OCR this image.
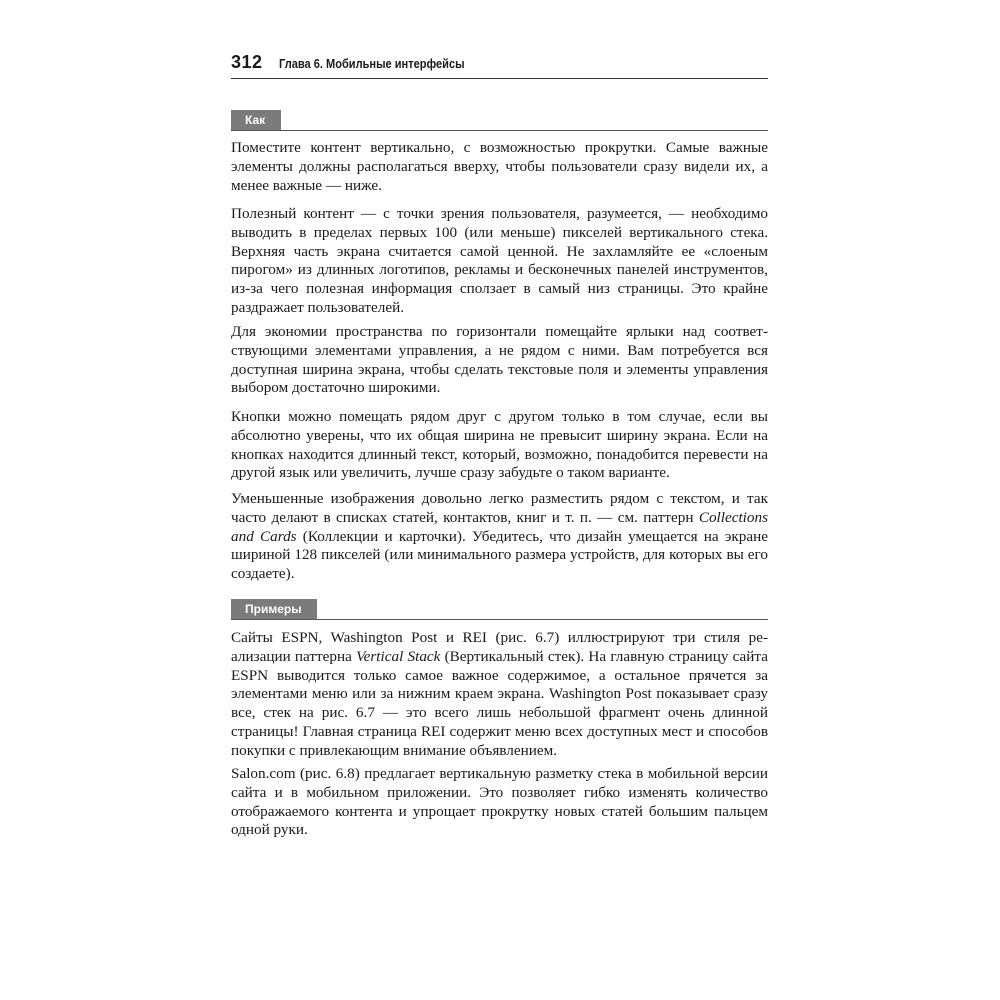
312 Глава 6. Мобильные интерфейсы
Как

Поместите контент вертикально, с возможностью прокрутки. Самые важные элементы должны располагаться вверху, чтобы пользователи сразу видели их, а менее важные — ниже.

Полезный контент — с точки зрения пользователя, разумеется, — необходимо выводить в пределах первых 100 (или меньше) пикселей вертикального стека. Верхняя часть экрана считается самой ценной. Не захламляйте ее «слоеным пирогом» из длинных логотипов, рекламы и бесконечных панелей инструментов, из-за чего полезная информация сползает в самый низ страницы. Это крайне раздражает пользователей.

Для экономии пространства по горизонтали помещайте ярлыки над соответствующими элементами управления, а не рядом с ними. Вам потребуется вся доступная ширина экрана, чтобы сделать текстовые поля и элементы управления выбором достаточно широкими.

Кнопки можно помещать рядом друг с другом только в том случае, если вы абсолютно уверены, что их общая ширина не превысит ширину экрана. Если на кнопках находится длинный текст, который, возможно, понадобится перевести на другой язык или увеличить, лучше сразу забудьте о таком варианте.

Уменьшенные изображения довольно легко разместить рядом с текстом, и так часто делают в списках статей, контактов, книг и т. п. — см. паттерн Collections and Cards (Коллекции и карточки). Убедитесь, что дизайн умещается на экране шириной 128 пикселей (или минимального размера устройств, для которых вы его создаете).

Примеры

Сайты ESPN, Washington Post и REI (рис. 6.7) иллюстрируют три стиля реализации паттерна Vertical Stack (Вертикальный стек). На главную страницу сайта ESPN выводится только самое важное содержимое, а остальное прячется за элементами меню или за нижним краем экрана. Washington Post показывает сразу все, стек на рис. 6.7 — это всего лишь небольшой фрагмент очень длинной страницы! Главная страница REI содержит меню всех доступных мест и способов покупки с привлекающим внимание объявлением.

Salon.com (рис. 6.8) предлагает вертикальную разметку стека в мобильной версии сайта и в мобильном приложении. Это позволяет гибко изменять количество отображаемого контента и упрощает прокрутку новых статей большим пальцем одной руки.
